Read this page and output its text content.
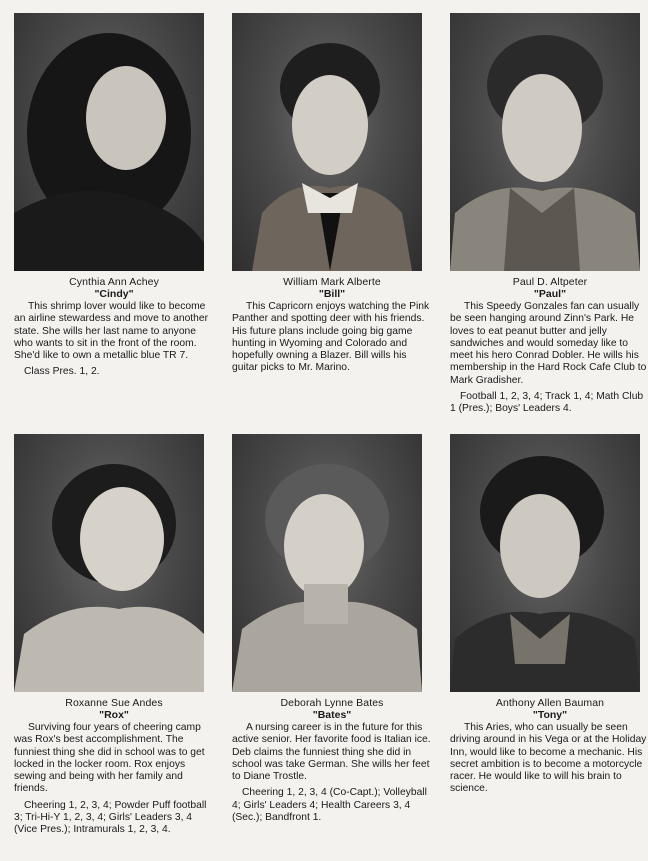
Cynthia Ann Achey
"Cindy"
This shrimp lover would like to become an airline stewardess and move to another state. She wills her last name to anyone who wants to sit in the front of the room. She'd like to own a metallic blue TR 7.
Class Pres. 1, 2.
William Mark Alberte
"Bill"
This Capricorn enjoys watching the Pink Panther and spotting deer with his friends. His future plans include going big game hunting in Wyoming and Colorado and hopefully owning a Blazer. Bill wills his guitar picks to Mr. Marino.
Paul D. Altpeter
"Paul"
This Speedy Gonzales fan can usually be seen hanging around Zinn's Park. He loves to eat peanut butter and jelly sandwiches and would someday like to meet his hero Conrad Dobler. He wills his membership in the Hard Rock Cafe Club to Mark Gradisher.
Football 1, 2, 3, 4; Track 1, 4; Math Club 1 (Pres.); Boys' Leaders 4.
Roxanne Sue Andes
"Rox"
Surviving four years of cheering camp was Rox's best accomplishment. The funniest thing she did in school was to get locked in the locker room. Rox enjoys sewing and being with her family and friends.
Cheering 1, 2, 3, 4; Powder Puff football 3; Tri-Hi-Y 1, 2, 3, 4; Girls' Leaders 3, 4 (Vice Pres.); Intramurals 1, 2, 3, 4.
Deborah Lynne Bates
"Bates"
A nursing career is in the future for this active senior. Her favorite food is Italian ice. Deb claims the funniest thing she did in school was take German. She wills her feet to Diane Trostle.
Cheering 1, 2, 3, 4 (Co-Capt.); Volleyball 4; Girls' Leaders 4; Health Careers 3, 4 (Sec.); Bandfront 1.
Anthony Allen Bauman
"Tony"
This Aries, who can usually be seen driving around in his Vega or at the Holiday Inn, would like to become a mechanic. His secret ambition is to become a motorcycle racer. He would like to will his brain to science.
